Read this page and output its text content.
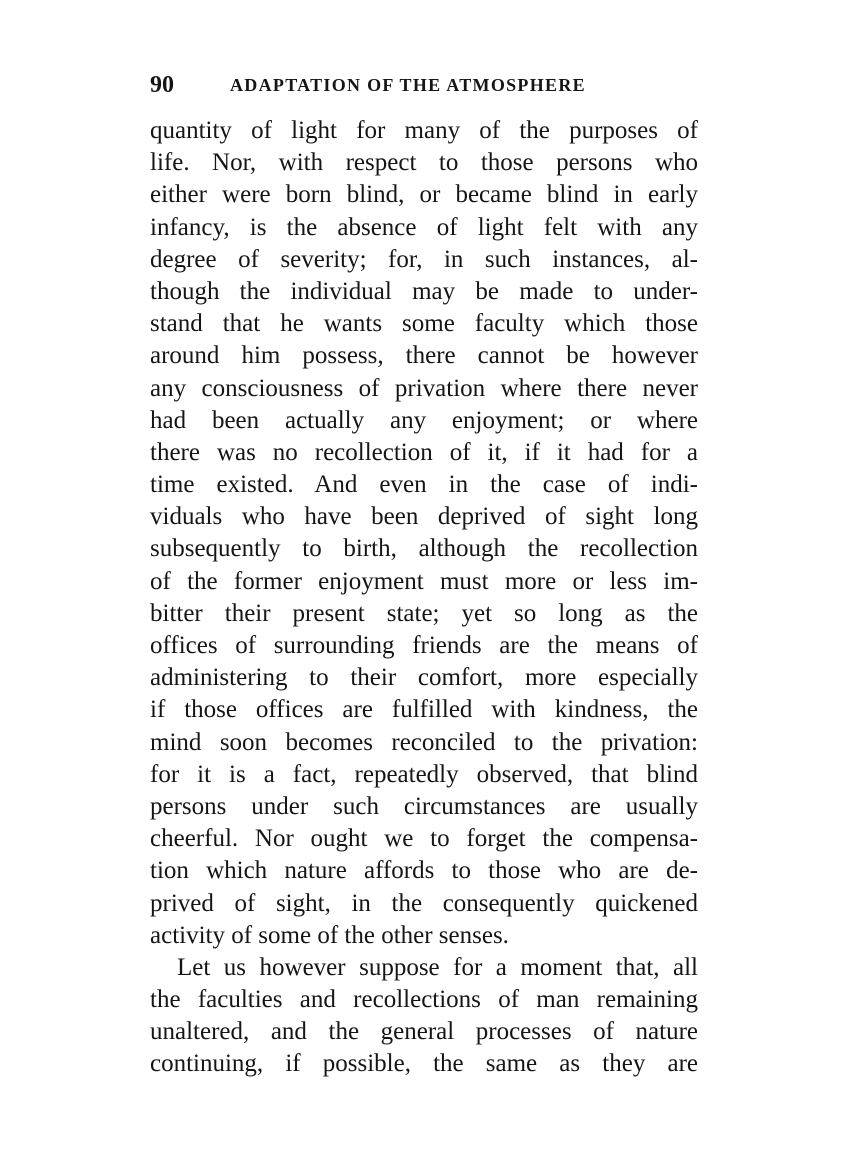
90	ADAPTATION OF THE ATMOSPHERE
quantity of light for many of the purposes of
life. Nor, with respect to those persons who
either were born blind, or became blind in early
infancy, is the absence of light felt with any
degree of severity; for, in such instances, al-
though the individual may be made to under-
stand that he wants some faculty which those
around him possess, there cannot be however
any consciousness of privation where there never
had been actually any enjoyment; or where
there was no recollection of it, if it had for a
time existed. And even in the case of indi-
viduals who have been deprived of sight long
subsequently to birth, although the recollection
of the former enjoyment must more or less im-
bitter their present state; yet so long as the
offices of surrounding friends are the means of
administering to their comfort, more especially
if those offices are fulfilled with kindness, the
mind soon becomes reconciled to the privation:
for it is a fact, repeatedly observed, that blind
persons under such circumstances are usually
cheerful. Nor ought we to forget the compensa-
tion which nature affords to those who are de-
prived of sight, in the consequently quickened
activity of some of the other senses.
Let us however suppose for a moment that, all
the faculties and recollections of man remaining
unaltered, and the general processes of nature
continuing, if possible, the same as they are
